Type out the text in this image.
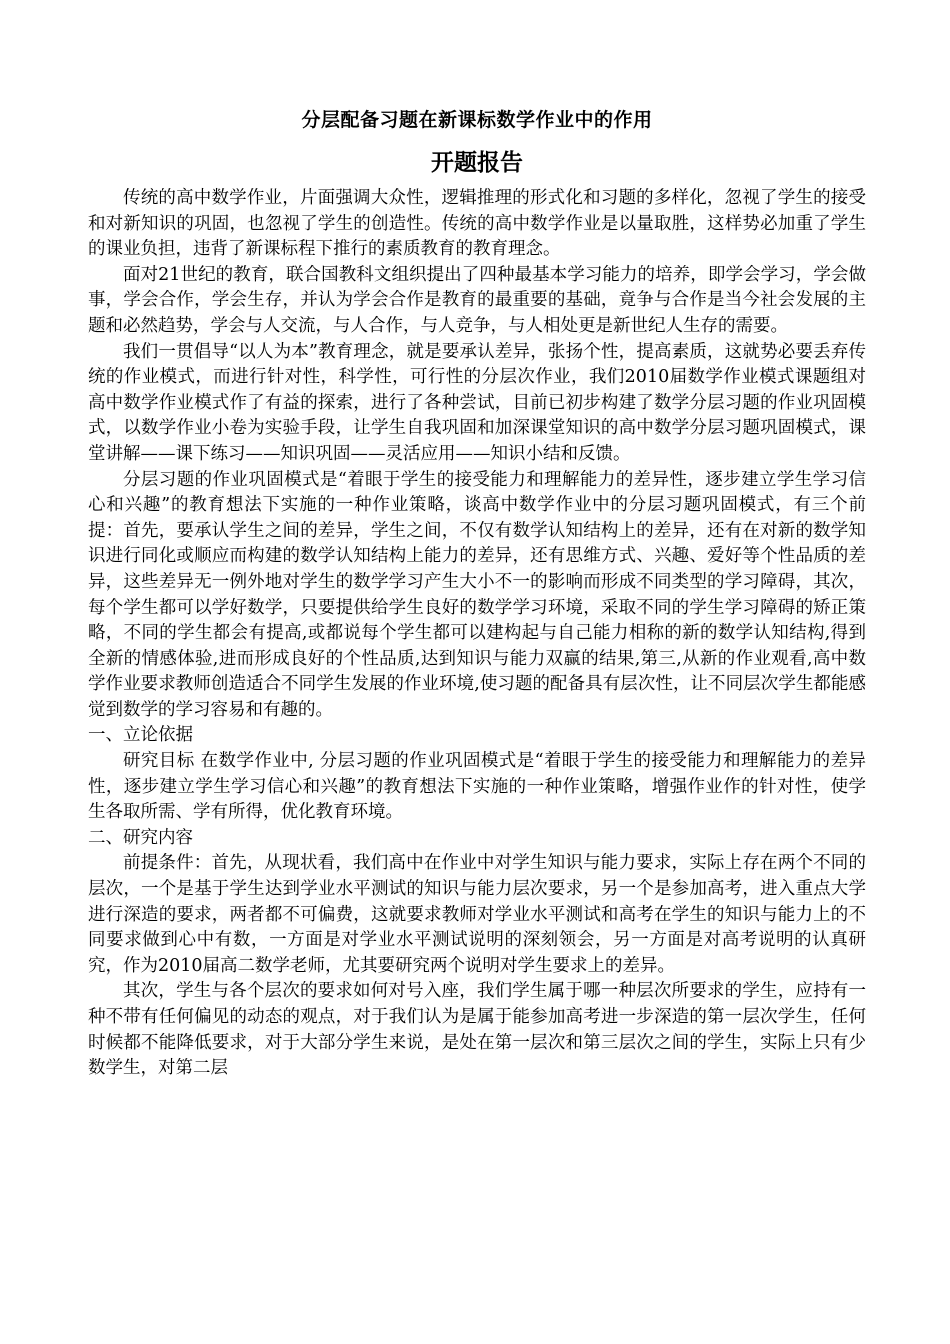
分层配备习题在新课标数学作业中的作用
开题报告

传统的高中数学作业，片面强调大众性，逻辑推理的形式化和习题的多样化，忽视了学生的接受和对新知识的巩固，也忽视了学生的创造性。传统的高中数学作业是以量取胜，这样势必加重了学生的课业负担，违背了新课标程下推行的素质教育的教育理念。

面对21世纪的教育，联合国教科文组织提出了四种最基本学习能力的培养，即学会学习，学会做事，学会合作，学会生存，并认为学会合作是教育的最重要的基础，竟争与合作是当今社会发展的主题和必然趋势，学会与人交流，与人合作，与人竞争，与人相处更是新世纪人生存的需要。

我们一贯倡导“以人为本”教育理念，就是要承认差异，张扬个性，提高素质，这就势必要丢弃传统的作业模式，而进行针对性，科学性，可行性的分层次作业，我们2010届数学作业模式课题组对高中数学作业模式作了有益的探索，进行了各种尝试，目前已初步构建了数学分层习题的作业巩固模式，以数学作业小卷为实验手段，让学生自我巩固和加深课堂知识的高中数学分层习题巩固模式，课堂讲解——课下练习——知识巩固——灵活应用——知识小结和反馈。

分层习题的作业巩固模式是“着眼于学生的接受能力和理解能力的差异性，逐步建立学生学习信心和兴趣”的教育想法下实施的一种作业策略，谈高中数学作业中的分层习题巩固模式，有三个前提：首先，要承认学生之间的差异，学生之间，不仅有数学认知结构上的差异，还有在对新的数学知识进行同化或顺应而构建的数学认知结构上能力的差异，还有思维方式、兴趣、爱好等个性品质的差异，这些差异无一例外地对学生的数学学习产生大小不一的影响而形成不同类型的学习障碍，其次，每个学生都可以学好数学，只要提供给学生良好的数学学习环境，采取不同的学生学习障碍的矫正策略，不同的学生都会有提高,或都说每个学生都可以建构起与自己能力相称的新的数学认知结构,得到全新的情感体验,进而形成良好的个性品质,达到知识与能力双赢的结果,第三,从新的作业观看,高中数学作业要求教师创造适合不同学生发展的作业环境,使习题的配备具有层次性，让不同层次学生都能感觉到数学的学习容易和有趣的。

一、立论依据

研究目标 在数学作业中, 分层习题的作业巩固模式是“着眼于学生的接受能力和理解能力的差异性，逐步建立学生学习信心和兴趣”的教育想法下实施的一种作业策略，增强作业作的针对性，使学生各取所需、学有所得，优化教育环境。

二、研究内容

前提条件：首先，从现状看，我们高中在作业中对学生知识与能力要求，实际上存在两个不同的层次，一个是基于学生达到学业水平测试的知识与能力层次要求，另一个是参加高考，进入重点大学进行深造的要求，两者都不可偏费，这就要求教师对学业水平测试和高考在学生的知识与能力上的不同要求做到心中有数，一方面是对学业水平测试说明的深刻领会，另一方面是对高考说明的认真研究，作为2010届高二数学老师，尤其要研究两个说明对学生要求上的差异。

其次，学生与各个层次的要求如何对号入座，我们学生属于哪一种层次所要求的学生，应持有一种不带有任何偏见的动态的观点，对于我们认为是属于能参加高考进一步深造的第一层次学生，任何时候都不能降低要求，对于大部分学生来说，是处在第一层次和第三层次之间的学生，实际上只有少数学生，对第二层
